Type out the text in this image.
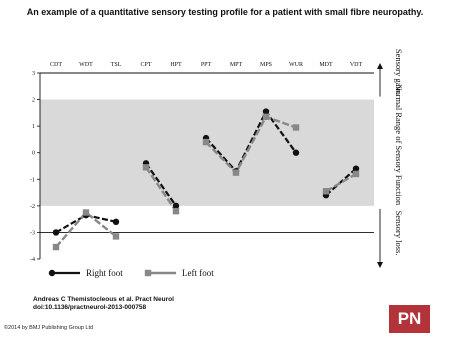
An example of a quantitative sensory testing profile for a patient with small fibre neuropathy.
3
2
1
0
-1
-2
-3
-4
CDT	WDT	TSL	CPT	HPT	PPT	MPT	MPS	WUR	MDT	VDT	Sensory gain.
Normal Range of Sensory Function
Sensory loss.
Right foot	Left foot
Andreas C Themistocleous et al. Pract Neurol
doi:10.1136/practneurol-2013-000758
©2014 by BMJ Publishing Group Ltd	PN
